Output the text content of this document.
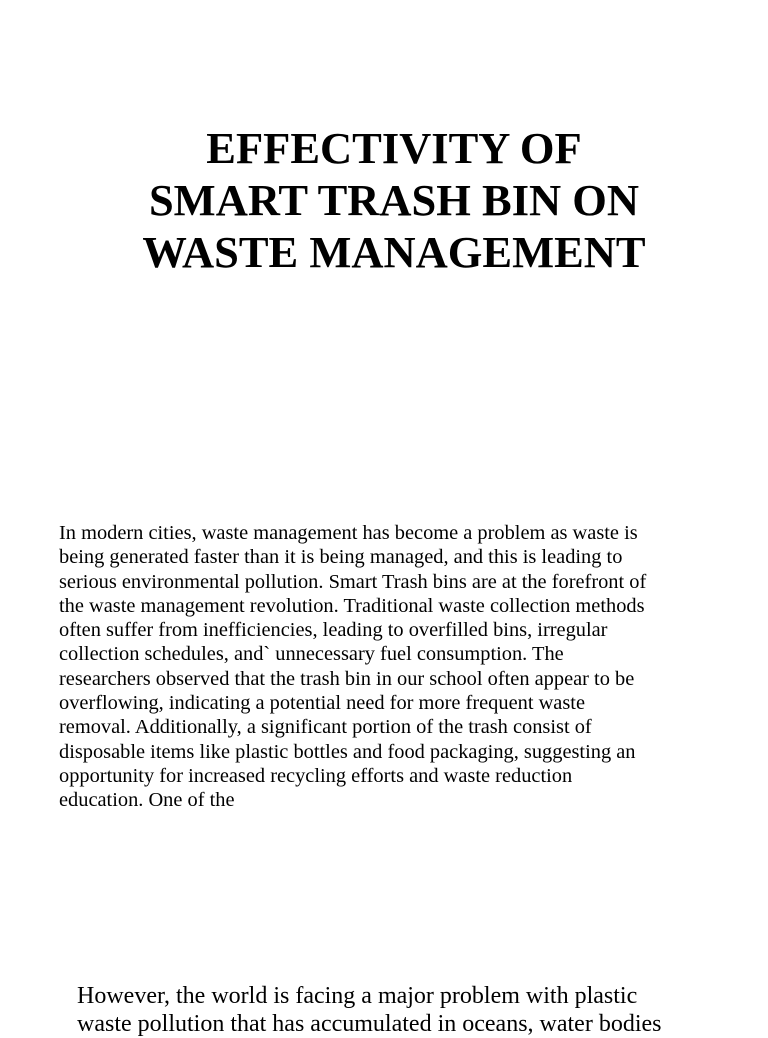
EFFECTIVITY OF
SMART TRASH BIN ON
WASTE MANAGEMENT

In modern cities, waste management has become a problem as waste is
being generated faster than it is being managed, and this is leading to
serious environmental pollution. Smart Trash bins are at the forefront of
the waste management revolution. Traditional waste collection methods
often suffer from inefficiencies, leading to overfilled bins, irregular
collection schedules, and` unnecessary fuel consumption. The
researchers observed that the trash bin in our school often appear to be
overflowing, indicating a potential need for more frequent waste
removal. Additionally, a significant portion of the trash consist of
disposable items like plastic bottles and food packaging, suggesting an
opportunity for increased recycling efforts and waste reduction
education. One of the

However, the world is facing a major problem with plastic
waste pollution that has accumulated in oceans, water bodies
